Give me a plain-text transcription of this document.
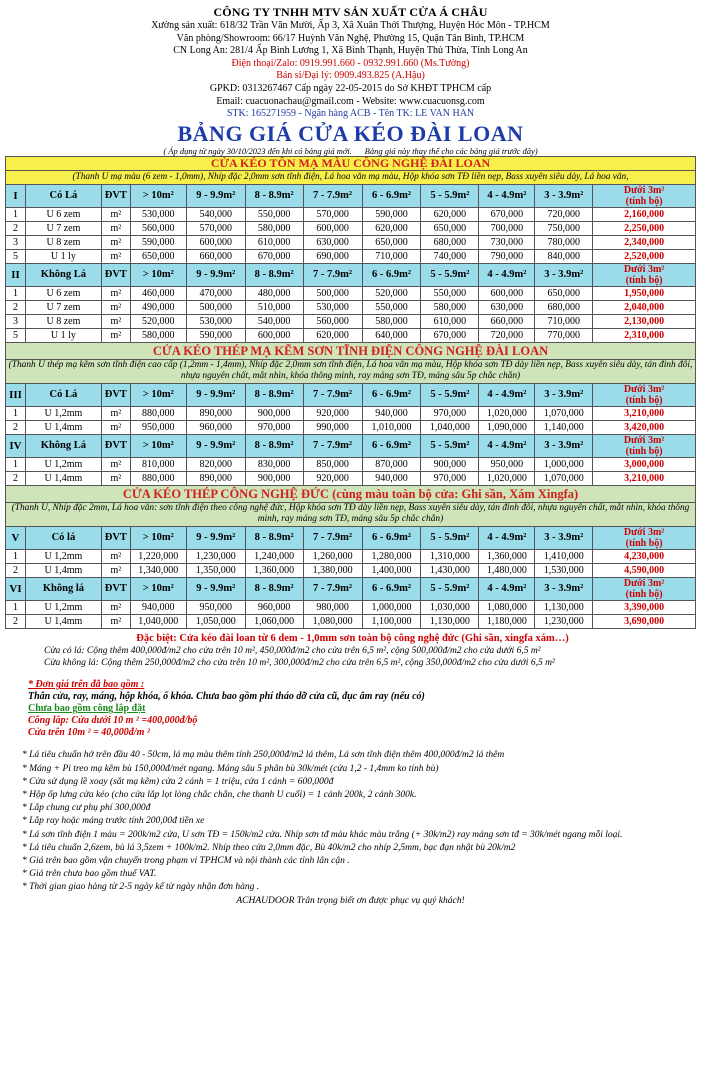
CÔNG TY TNHH MTV SẢN XUẤT CỬA Á CHÂU
Xưởng sản xuất: 618/32 Trần Văn Mười, Ấp 3, Xã Xuân Thới Thượng, Huyện Hóc Môn - TP.HCM
Văn phòng/Showroom: 66/17 Huỳnh Văn Nghệ, Phường 15, Quận Tân Bình, TP.HCM
CN Long An: 281/4 Ấp Bình Lương 1, Xã Bình Thạnh, Huyện Thủ Thừa, Tỉnh Long An
Điện thoại/Zalo: 0919.991.660 - 0932.991.660 (Ms.Tường)
Bán sỉ/Đại lý: 0909.493.825 (A.Hậu)
GPKD: 0313267467 Cấp ngày 22-05-2015 do Sở KHĐT TPHCM cấp
Email: cuacuonachau@gmail.com - Website: www.cuacuonsg.com
STK: 165271959 - Ngân hàng ACB - Tên TK: LE VAN HAN
BẢNG GIÁ CỬA KÉO ĐÀI LOAN
( Áp dụng từ ngày 30/10/2023 đến khi có bảng giá mới. Bảng giá này thay thế cho các bảng giá trước đây)
CỬA KÉO TÔN MẠ MÀU CÔNG NGHỆ ĐÀI LOAN											
(Thanh U mạ màu (6 zem - 1,0mm), Nhíp đặc 2,0mm sơn tĩnh điện, Lá hoa văn mạ màu, Hộp khóa sơn TĐ liền nẹp, Bass xuyên siêu dày, Lá hoa văn,											
I	Có Lá	ĐVT	> 10m²	9 - 9.9m²	8 - 8.9m²	7 - 7.9m²	6 - 6.9m²	5 - 5.9m²	4 - 4.9m²	3 - 3.9m²	Dưới 3m²
(tính bộ)

1	U 6 zem	m²	530,000	540,000	550,000	570,000	590,000	620,000	670,000	720,000	2,160,000
2	U 7 zem	m²	560,000	570,000	580,000	600,000	620,000	650,000	700,000	750,000	2,250,000
3	U 8 zem	m²	590,000	600,000	610,000	630,000	650,000	680,000	730,000	780,000	2,340,000
5	U 1 ly	m²	650,000	660,000	670,000	690,000	710,000	740,000	790,000	840,000	2,520,000
II	Không Lá	ĐVT	> 10m²	9 - 9.9m²	8 - 8.9m²	7 - 7.9m²	6 - 6.9m²	5 - 5.9m²	4 - 4.9m²	3 - 3.9m²	Dưới 3m²
(tính bộ)

1	U 6 zem	m²	460,000	470,000	480,000	500,000	520,000	550,000	600,000	650,000	1,950,000
2	U 7 zem	m²	490,000	500,000	510,000	530,000	550,000	580,000	630,000	680,000	2,040,000
3	U 8 zem	m²	520,000	530,000	540,000	560,000	580,000	610,000	660,000	710,000	2,130,000
5	U 1 ly	m²	580,000	590,000	600,000	620,000	640,000	670,000	720,000	770,000	2,310,000
CỬA KÉO THÉP MẠ KẼM SƠN TĨNH ĐIỆN CÔNG NGHỆ ĐÀI LOAN											
(Thanh U thép mạ kẽm sơn tĩnh điện cao cấp (1,2mm - 1,4mm), Nhíp đặc 2,0mm sơn tĩnh điện, Lá hoa văn mạ màu, Hộp khóa sơn TĐ dày liền nẹp, Bass xuyên siêu dày, tán đinh đôi, nhựa nguyên chất, mắt nhìn, khóa thông minh, ray máng sơn TĐ, máng sâu 5p chắc chắn)											
III	Có Lá	ĐVT	> 10m²	9 - 9.9m²	8 - 8.9m²	7 - 7.9m²	6 - 6.9m²	5 - 5.9m²	4 - 4.9m²	3 - 3.9m²	Dưới 3m²
(tính bộ)

1	U 1,2mm	m²	880,000	890,000	900,000	920,000	940,000	970,000	1,020,000	1,070,000	3,210,000
2	U 1,4mm	m²	950,000	960,000	970,000	990,000	1,010,000	1,040,000	1,090,000	1,140,000	3,420,000
IV	Không Lá	ĐVT	> 10m²	9 - 9.9m²	8 - 8.9m²	7 - 7.9m²	6 - 6.9m²	5 - 5.9m²	4 - 4.9m²	3 - 3.9m²	Dưới 3m²
(tính bộ)

1	U 1,2mm	m²	810,000	820,000	830,000	850,000	870,000	900,000	950,000	1,000,000	3,000,000
2	U 1,4mm	m²	880,000	890,000	900,000	920,000	940,000	970,000	1,020,000	1,070,000	3,210,000
CỬA KÉO THÉP CÔNG NGHỆ ĐỨC (cùng màu toàn bộ cửa: Ghi sần, Xám Xingfa)											
(Thanh U, Nhíp đặc 2mm, Lá hoa văn: sơn tĩnh điện theo công nghệ đức, Hộp khóa sơn TĐ dày liền nẹp, Bass xuyên siêu dày, tán đinh đôi, nhựa nguyên chất, mắt nhìn, khóa thông minh, ray máng sơn TĐ, máng sâu 5p chắc chắn)											
V	Có lá	ĐVT	> 10m²	9 - 9.9m²	8 - 8.9m²	7 - 7.9m²	6 - 6.9m²	5 - 5.9m²	4 - 4.9m²	3 - 3.9m²	Dưới 3m²
(tính bộ)

1	U 1,2mm	m²	1,220,000	1,230,000	1,240,000	1,260,000	1,280,000	1,310,000	1,360,000	1,410,000	4,230,000
2	U 1,4mm	m²	1,340,000	1,350,000	1,360,000	1,380,000	1,400,000	1,430,000	1,480,000	1,530,000	4,590,000
VI	Không lá	ĐVT	> 10m²	9 - 9.9m²	8 - 8.9m²	7 - 7.9m²	6 - 6.9m²	5 - 5.9m²	4 - 4.9m²	3 - 3.9m²	Dưới 3m²
(tính bộ)

1	U 1,2mm	m²	940,000	950,000	960,000	980,000	1,000,000	1,030,000	1,080,000	1,130,000	3,390,000
2	U 1,4mm	m²	1,040,000	1,050,000	1,060,000	1,080,000	1,100,000	1,130,000	1,180,000	1,230,000	3,690,000
Đặc biệt: Cửa kéo đài loan từ 6 dem - 1,0mm sơn toàn bộ công nghệ đức (Ghi sần, xingfa xám…)
Cửa có lá: Cộng thêm 400,000đ/m2 cho cửa trên 10 m², 450,000đ/m2 cho cửa trên 6,5 m², cộng 500,000đ/m2 cho cửa dưới 6,5 m²
Cửa không lá: Cộng thêm 250,000đ/m2 cho cửa trên 10 m², 300,000đ/m2 cho cửa trên 6,5 m², cộng 350,000đ/m2 cho cửa dưới 6,5 m²
* Đơn giá trên đã bao gồm :
Thân cửa, ray, máng, hộp khóa, ổ khóa. Chưa bao gồm phí tháo dỡ cửa cũ, đục âm ray (nếu có)
Chưa bao gồm công lắp đặt
Công lắp: Cửa dưới 10 m ² =400,000đ/bộ
Cửa trên 10m ² = 40,000đ/m ²
* Lá tiêu chuẩn hở trên đầu 40 - 50cm, lá mạ màu thêm tính 250,000đ/m2 lá thêm, Lá sơn tĩnh điện thêm 400,000đ/m2 lá thêm
* Máng + Pi treo mạ kẽm bù 150,000đ/mét ngang. Máng sâu 5 phân bù 30k/mét (cửa 1,2 - 1,4mm ko tính bù)
* Cửa sử dụng lề xoay (sắt mạ kẽm) cửa 2 cánh = 1 triệu, cửa 1 cánh = 600,000đ
* Hộp ốp lưng cửa kéo (cho cửa lắp lọt lòng chắc chắn, che thanh U cuối) = 1 cánh 200k, 2 cánh 300k.
* Lắp chung cư phụ phí 300,000đ
* Lắp ray hoặc máng trước tính 200,00đ tiền xe
* Lá sơn tĩnh điện 1 màu = 200k/m2 cửa, U sơn TĐ = 150k/m2 cửa. Nhíp sơn tđ màu khác màu trắng (+ 30k/m2) ray máng sơn tđ = 30k/mét ngang mỗi loại.
* Lá tiêu chuẩn 2,6zem, bù lá 3,5zem + 100k/m2. Nhíp theo cửa 2,0mm đặc, Bù 40k/m2 cho nhíp 2,5mm, bạc đạn nhật bù 20k/m2
* Giá trên bao gồm vận chuyển trong phạm vi TPHCM và nội thành các tỉnh lân cận .
* Giá trên chưa bao gồm thuế VAT.
* Thời gian giao hàng từ 2-5 ngày kể từ ngày nhận đơn hàng .
ACHAUDOOR Trân trọng biết ơn được phục vụ quý khách!
